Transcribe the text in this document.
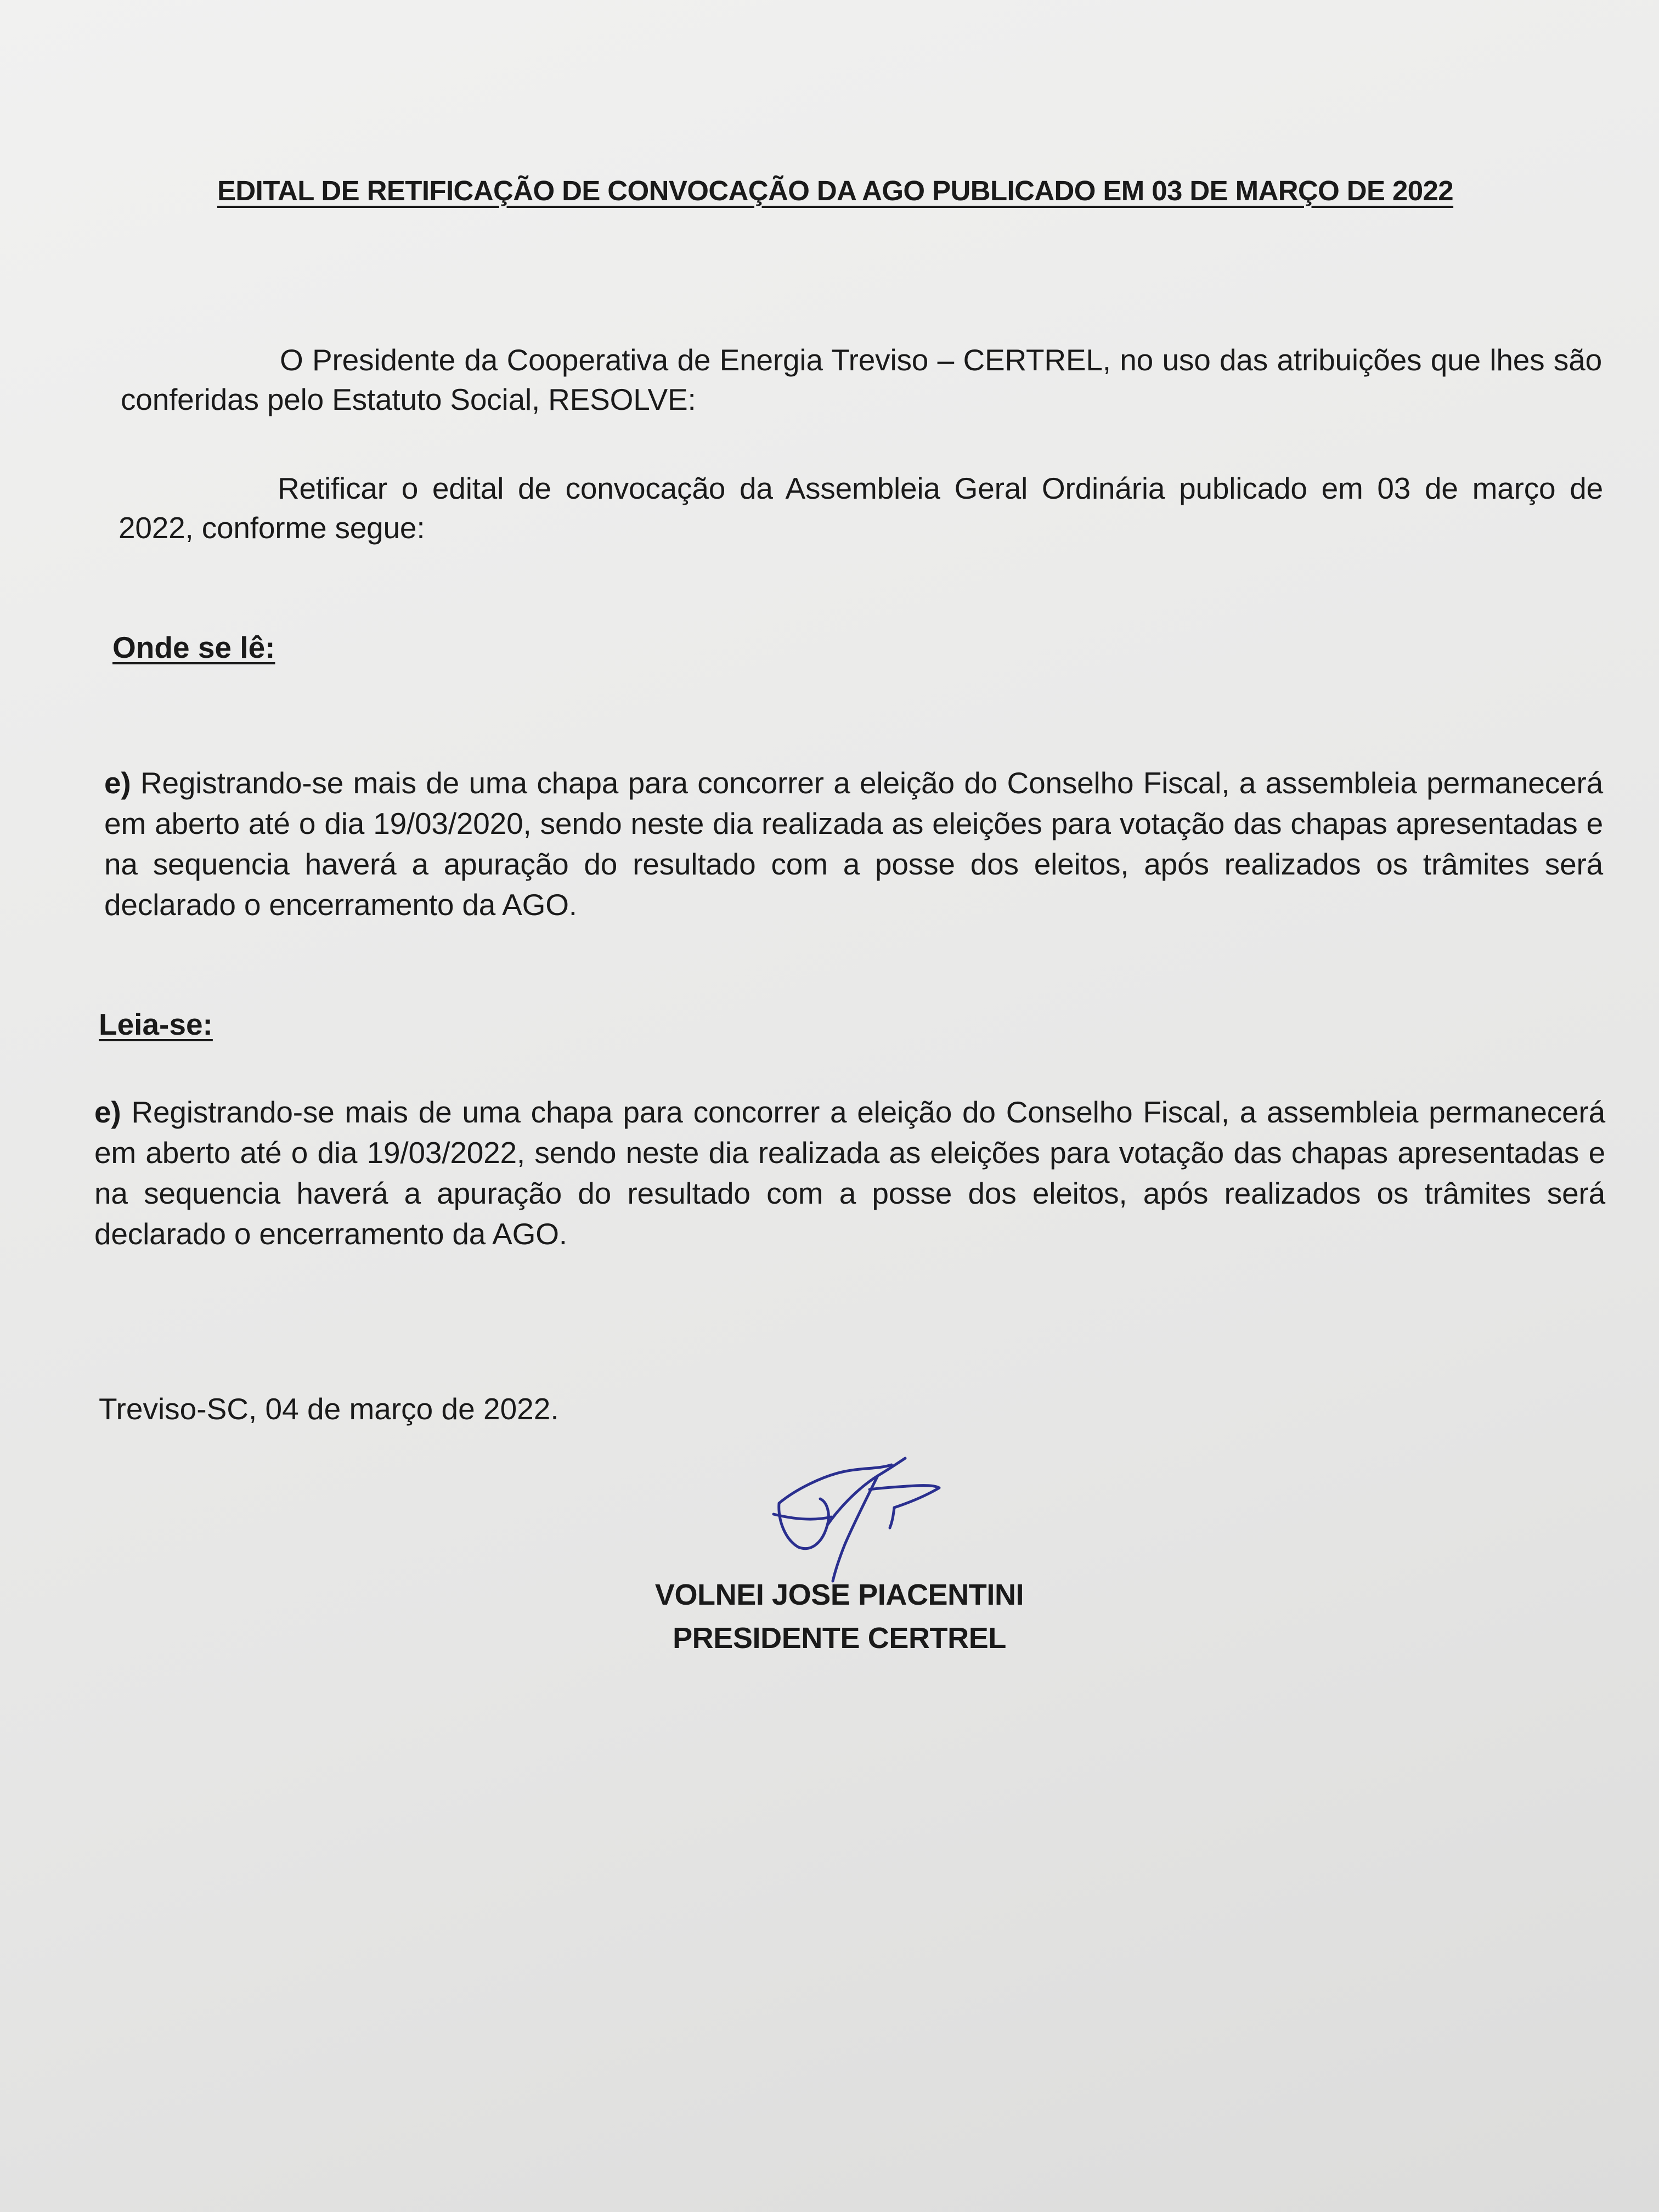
EDITAL DE RETIFICAÇÃO DE CONVOCAÇÃO DA AGO PUBLICADO EM 03 DE MARÇO DE 2022
O Presidente da Cooperativa de Energia Treviso – CERTREL, no uso das atribuições que lhes são conferidas pelo Estatuto Social, RESOLVE:
Retificar o edital de convocação da Assembleia Geral Ordinária publicado em 03 de março de 2022, conforme segue:
Onde se lê:
e) Registrando-se mais de uma chapa para concorrer a eleição do Conselho Fiscal, a assembleia permanecerá em aberto até o dia 19/03/2020, sendo neste dia realizada as eleições para votação das chapas apresentadas e na sequencia haverá a apuração do resultado com a posse dos eleitos, após realizados os trâmites será declarado o encerramento da AGO.
Leia-se:
e) Registrando-se mais de uma chapa para concorrer a eleição do Conselho Fiscal, a assembleia permanecerá em aberto até o dia 19/03/2022, sendo neste dia realizada as eleições para votação das chapas apresentadas e na sequencia haverá a apuração do resultado com a posse dos eleitos, após realizados os trâmites será declarado o encerramento da AGO.
Treviso-SC, 04 de março de 2022.
VOLNEI JOSE PIACENTINI
PRESIDENTE CERTREL
